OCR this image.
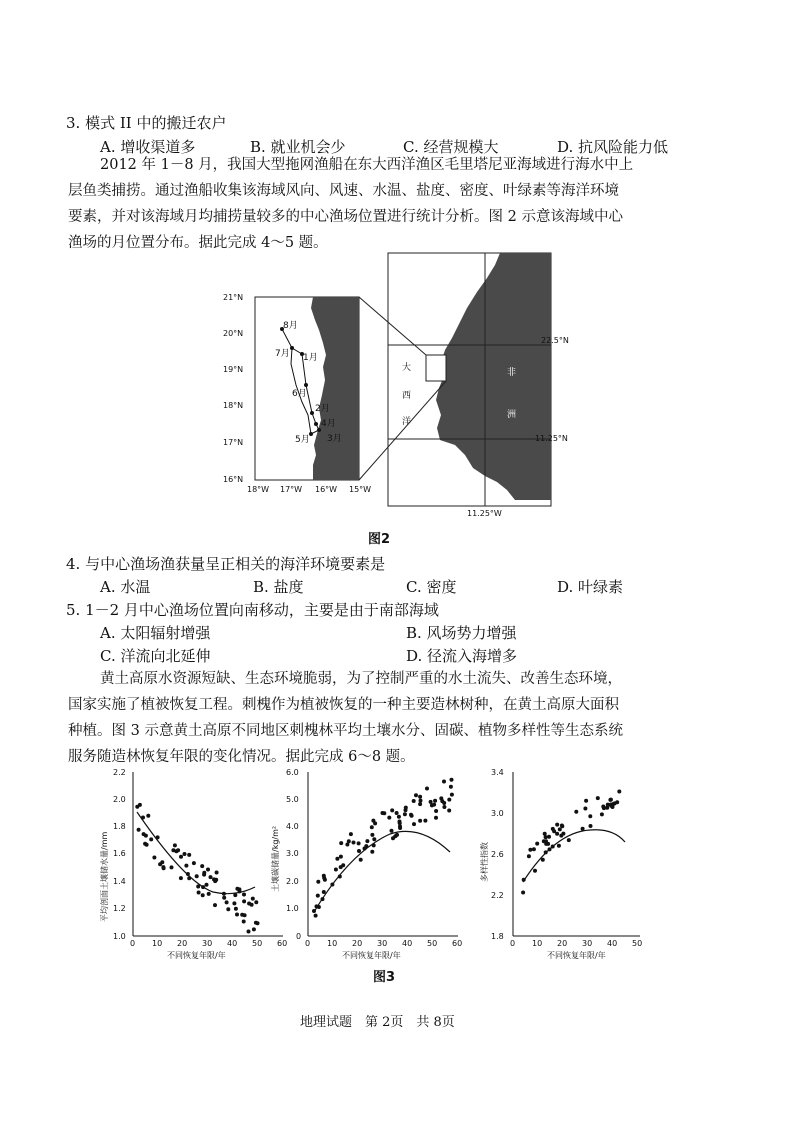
3. 模式 II 中的搬迁农户
A. 增收渠道多	B. 就业机会少	C. 经营规模大	D. 抗风险能力低
2012 年 1－8 月，我国大型拖网渔船在东大西洋渔区毛里塔尼亚海域进行海水中上
层鱼类捕捞。通过渔船收集该海域风向、风速、水温、盐度、密度、叶绿素等海洋环境
要素，并对该海域月均捕捞量较多的中心渔场位置进行统计分析。图 2 示意该海域中心
渔场的月位置分布。据此完成 4～5 题。
21°N
20°N
19°N
18°N
17°N
16°N
18°W 17°W 16°W 15°W
8月
7月 1月
6月
2月
4月
5月 3月
大
西
洋
非
洲
22.5°N
11.25°N
11.25°W
图2
4. 与中心渔场渔获量呈正相关的海洋环境要素是
A. 水温	B. 盐度	C. 密度	D. 叶绿素
5. 1－2 月中心渔场位置向南移动，主要是由于南部海域
A. 太阳辐射增强	B. 风场势力增强
C. 洋流向北延伸	D. 径流入海增多
黄土高原水资源短缺、生态环境脆弱，为了控制严重的水土流失、改善生态环境，
国家实施了植被恢复工程。刺槐作为植被恢复的一种主要造林树种，在黄土高原大面积
种植。图 3 示意黄土高原不同地区刺槐林平均土壤水分、固碳、植物多样性等生态系统
服务随造林恢复年限的变化情况。据此完成 6～8 题。
2.2
2.0
1.8
1.6
1.4
1.2
1.0
0 10 20 30 40 50 60
不同恢复年限/年
平均剖面土壤储水量/mm
6.0
5.0
4.0
3.0
2.0
1.0
0
0 10 20 30 40 50 60
不同恢复年限/年
土壤碳储量/kg/m²
3.4
3.0
2.6
2.2
1.8
0 10 20 30 40 50
不同恢复年限/年
多样性指数
图3
地理试题　第 2页　共 8页
